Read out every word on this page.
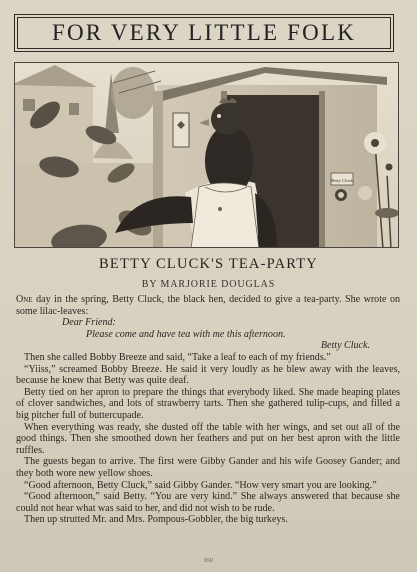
FOR VERY LITTLE FOLK
Betty Cluck
BETTY CLUCK'S TEA-PARTY
BY MARJORIE DOUGLAS

One day in the spring, Betty Cluck, the black hen, decided to give a tea-party. She wrote on some lilac-leaves:

Dear Friend:
Please come and have tea with me this afternoon.
Betty Cluck.

Then she called Bobby Breeze and said, “Take a leaf to each of my friends.”

“Yiiss,” screamed Bobby Breeze. He said it very loudly as he blew away with the leaves, because he knew that Betty was quite deaf.

Betty tied on her apron to prepare the things that everybody liked. She made heaping plates of clover sandwiches, and lots of strawberry tarts. Then she gathered tulip-cups, and filled a big pitcher full of buttercupade.

When everything was ready, she dusted off the table with her wings, and set out all of the good things. Then she smoothed down her feathers and put on her best apron with the little ruffles.

The guests began to arrive. The first were Gibby Gander and his wife Goosey Gander; and they both wore new yellow shoes.

“Good afternoon, Betty Cluck,” said Gibby Gander. “How very smart you are looking.”

“Good afternoon,” said Betty. “You are very kind.” She always answered that because she could not hear what was said to her, and did not wish to be rude.

Then up strutted Mr. and Mrs. Pompous-Gobbler, the big turkeys.

850
